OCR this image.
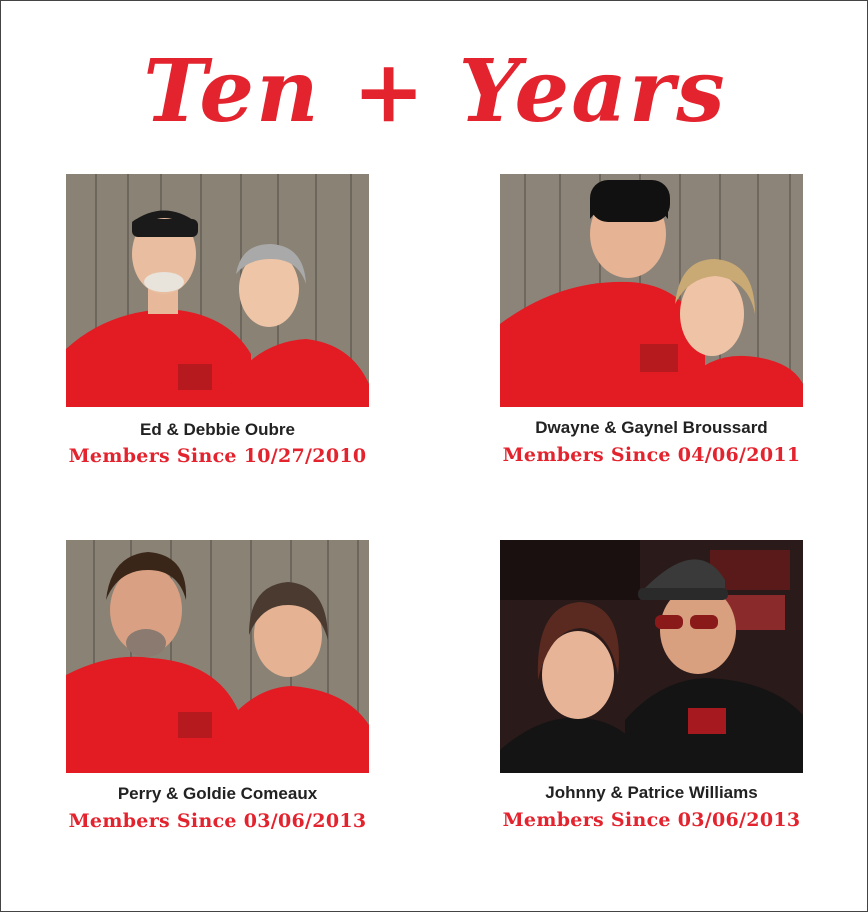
Ten + Years
Ed & Debbie Oubre
Members Since 10/27/2010
Dwayne & Gaynel Broussard
Members Since 04/06/2011
Perry & Goldie Comeaux
Members Since 03/06/2013
Johnny & Patrice Williams
Members Since 03/06/2013
